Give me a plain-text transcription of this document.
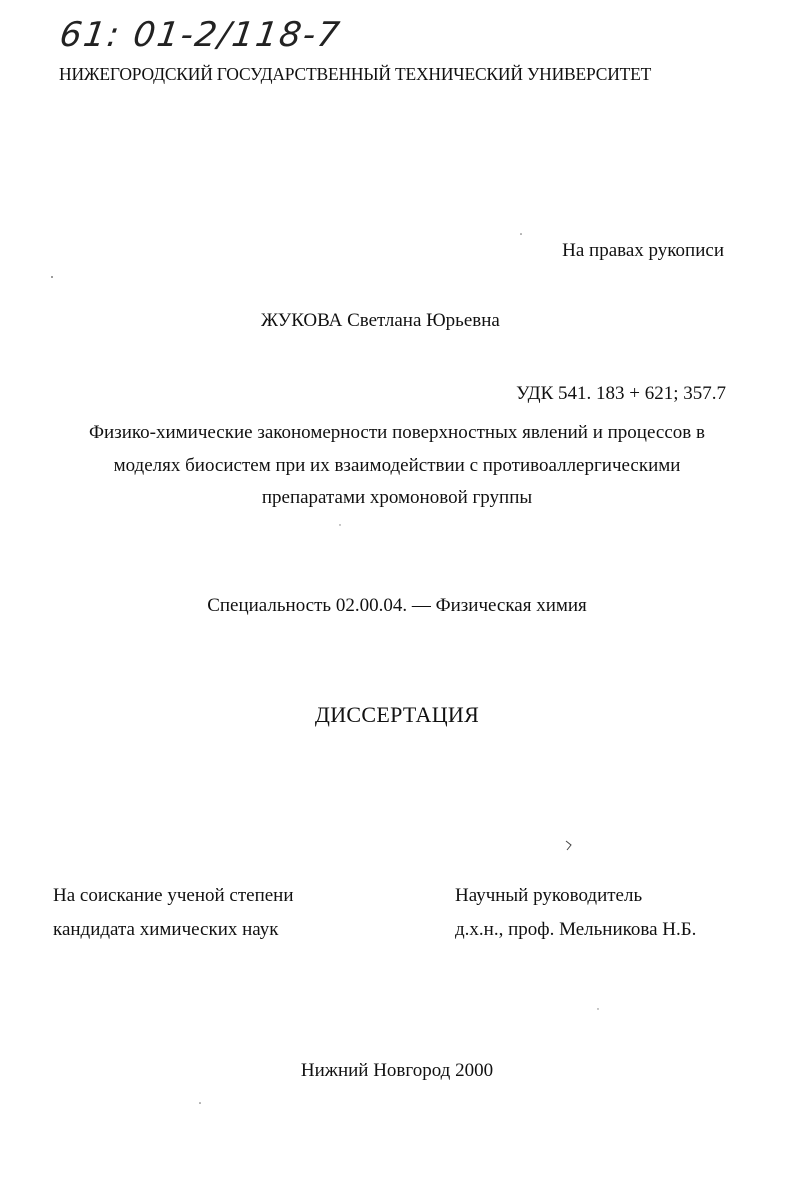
61: 01-2/118-7
НИЖЕГОРОДСКИЙ ГОСУДАРСТВЕННЫЙ ТЕХНИЧЕСКИЙ УНИВЕРСИТЕТ
На правах рукописи
ЖУКОВА Светлана Юрьевна
УДК 541. 183 + 621; 357.7
Физико-химические закономерности поверхностных явлений и процессов в
моделях биосистем при их взаимодействии с противоаллергическими
препаратами хромоновой группы
Специальность 02.00.04. — Физическая химия
ДИССЕРТАЦИЯ
На соискание ученой степени
кандидата химических наук
Научный руководитель
д.х.н., проф. Мельникова Н.Б.
Нижний Новгород 2000
